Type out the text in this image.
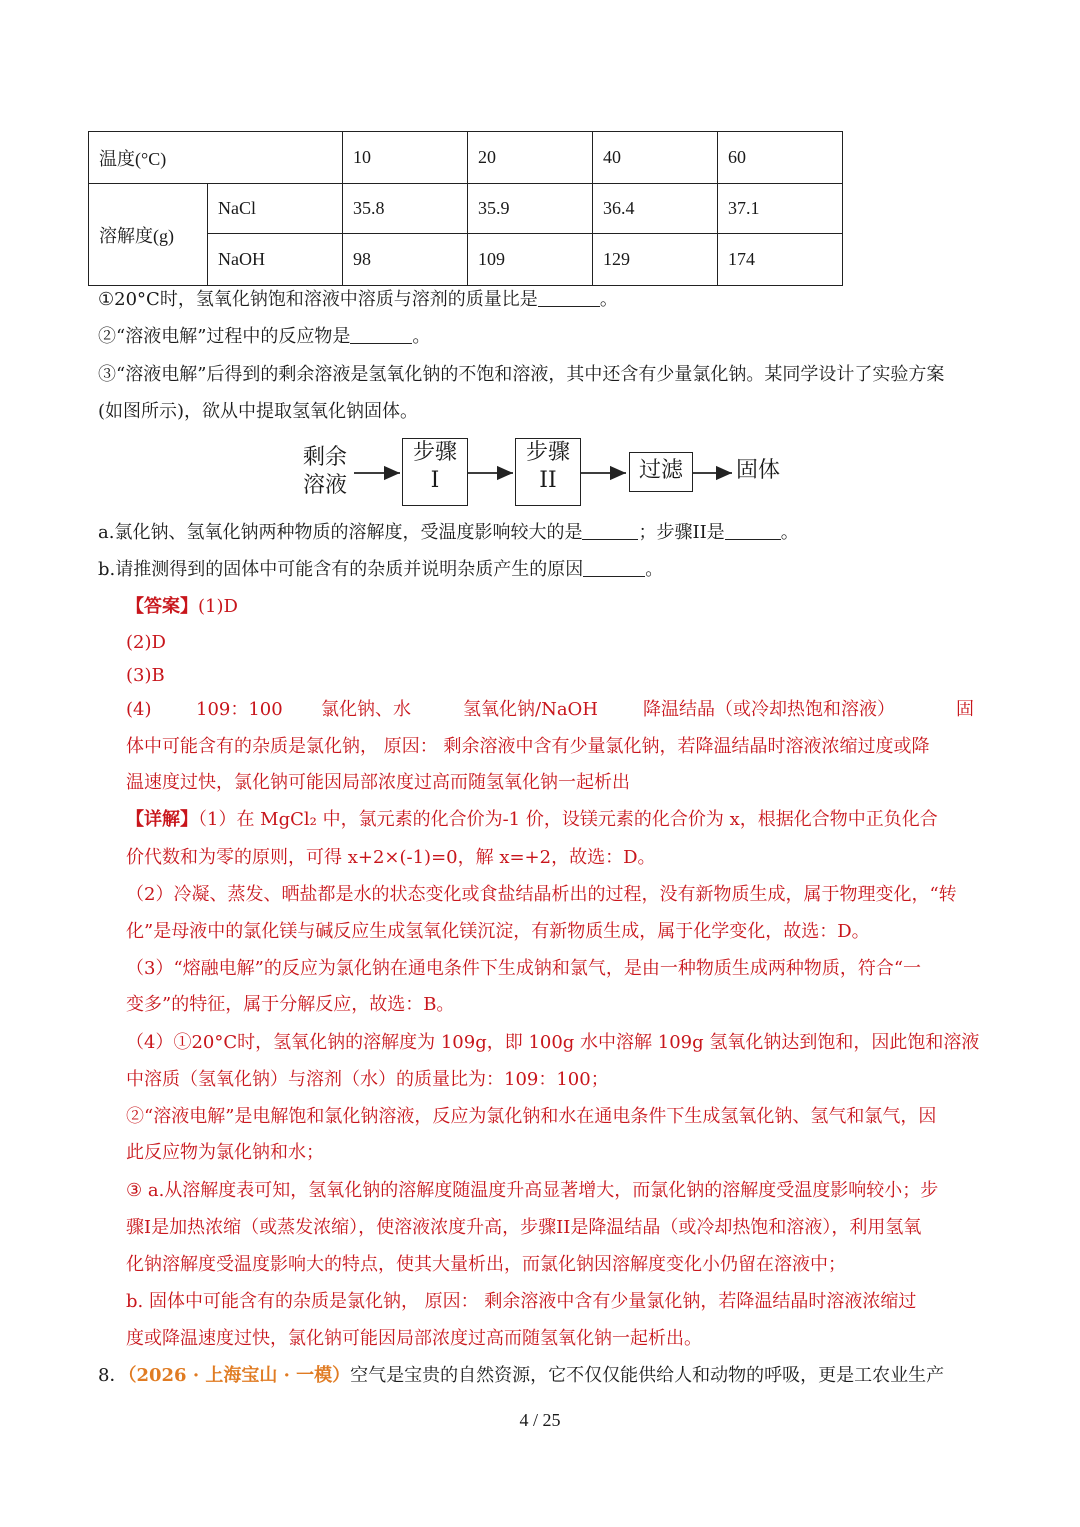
温度(°C)		10	20	40	60
溶解度(g)	NaCl	35.8	35.9	36.4	37.1
	NaOH	98	109	129	174
①20°C时，氢氧化钠饱和溶液中溶质与溶剂的质量比是	。
②“溶液电解”过程中的反应物是	。
③“溶液电解”后得到的剩余溶液是氢氧化钠的不饱和溶液，其中还含有少量氯化钠。某同学设计了实验方案
(如图所示)，欲从中提取氢氧化钠固体。
剩余
溶液
步骤
I
步骤
II	过滤	固体
a.氯化钠、氢氧化钠两种物质的溶解度，受温度影响较大的是	；步骤II是	。
b.请推测得到的固体中可能含有的杂质并说明杂质产生的原因	。
【答案】(1)D
(2)D
(3)B
(4) 109：100 氯化钠、水	氢氧化钠/NaOH	降温结晶（或冷却热饱和溶液）	固
体中可能含有的杂质是氯化钠， 原因： 剩余溶液中含有少量氯化钠，若降温结晶时溶液浓缩过度或降
温速度过快，氯化钠可能因局部浓度过高而随氢氧化钠一起析出
【详解】（1）在 MgCl₂ 中，氯元素的化合价为-1 价，设镁元素的化合价为 x，根据化合物中正负化合
价代数和为零的原则，可得 x+2×(-1)=0，解 x=+2，故选：D。
（2）冷凝、蒸发、晒盐都是水的状态变化或食盐结晶析出的过程，没有新物质生成，属于物理变化，“转
化”是母液中的氯化镁与碱反应生成氢氧化镁沉淀，有新物质生成，属于化学变化，故选：D。
（3）“熔融电解”的反应为氯化钠在通电条件下生成钠和氯气，是由一种物质生成两种物质，符合“一
变多”的特征，属于分解反应，故选：B。
（4）①20°C时，氢氧化钠的溶解度为 109g，即 100g 水中溶解 109g 氢氧化钠达到饱和，因此饱和溶液
中溶质（氢氧化钠）与溶剂（水）的质量比为：109：100；
②“溶液电解”是电解饱和氯化钠溶液，反应为氯化钠和水在通电条件下生成氢氧化钠、氢气和氯气，因
此反应物为氯化钠和水；
③ a.从溶解度表可知，氢氧化钠的溶解度随温度升高显著增大，而氯化钠的溶解度受温度影响较小；步
骤I是加热浓缩（或蒸发浓缩），使溶液浓度升高，步骤II是降温结晶（或冷却热饱和溶液），利用氢氧
化钠溶解度受温度影响大的特点，使其大量析出，而氯化钠因溶解度变化小仍留在溶液中；
b. 固体中可能含有的杂质是氯化钠， 原因： 剩余溶液中含有少量氯化钠，若降温结晶时溶液浓缩过
度或降温速度过快，氯化钠可能因局部浓度过高而随氢氧化钠一起析出。
8．（2026 · 上海宝山 · 一模）空气是宝贵的自然资源，它不仅仅能供给人和动物的呼吸，更是工农业生产
4 / 25
